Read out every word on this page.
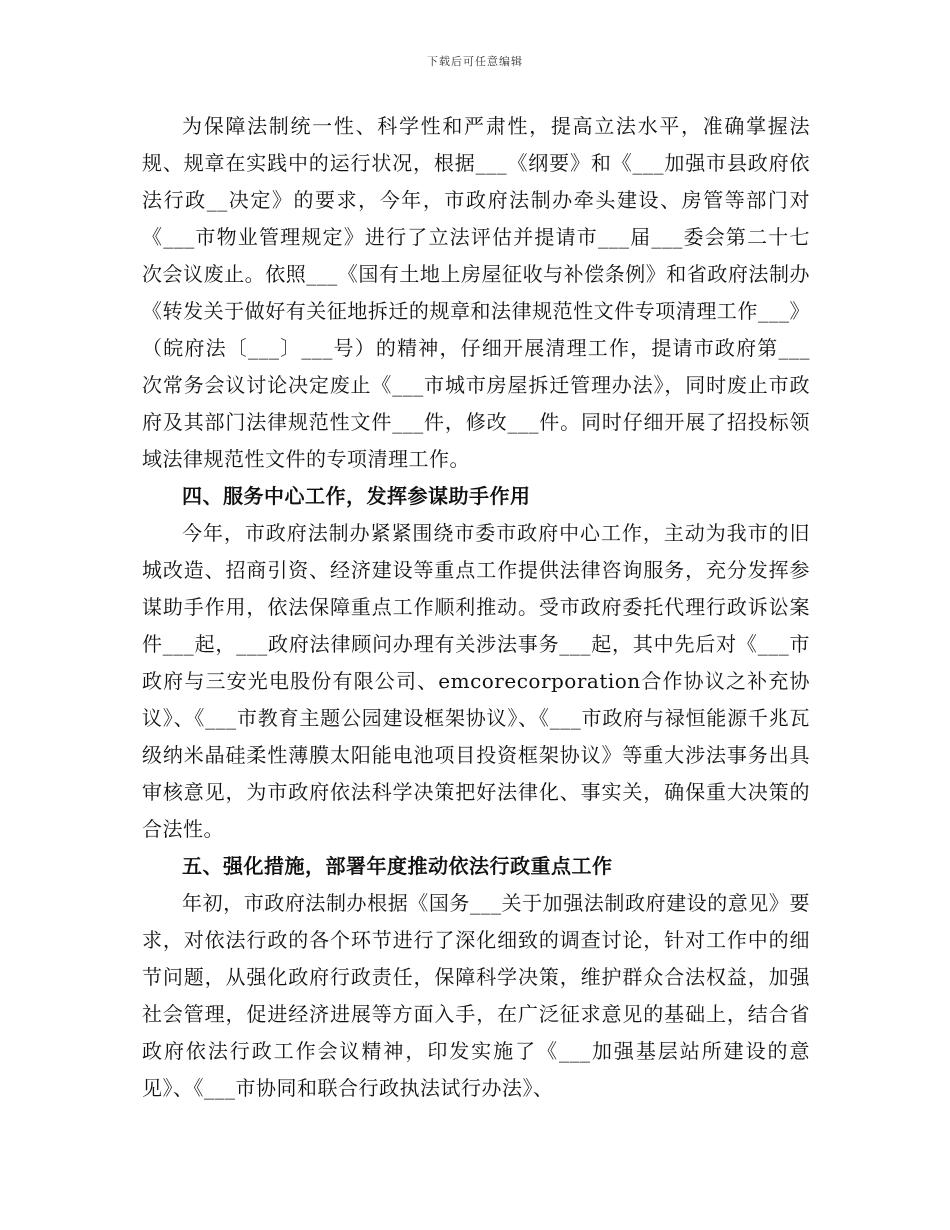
下载后可任意编辑

为保障法制统一性、科学性和严肃性，提高立法水平，准确掌握法规、规章在实践中的运行状况，根据___《纲要》和《___加强市县政府依法行政__决定》的要求，今年，市政府法制办牵头建设、房管等部门对《___市物业管理规定》进行了立法评估并提请市___届___委会第二十七次会议废止。依照___《国有土地上房屋征收与补偿条例》和省政府法制办《转发关于做好有关征地拆迁的规章和法律规范性文件专项清理工作___》（皖府法〔___〕___号）的精神，仔细开展清理工作，提请市政府第___次常务会议讨论决定废止《___市城市房屋拆迁管理办法》，同时废止市政府及其部门法律规范性文件___件，修改___件。同时仔细开展了招投标领域法律规范性文件的专项清理工作。

四、服务中心工作，发挥参谋助手作用

今年，市政府法制办紧紧围绕市委市政府中心工作，主动为我市的旧城改造、招商引资、经济建设等重点工作提供法律咨询服务，充分发挥参谋助手作用，依法保障重点工作顺利推动。受市政府委托代理行政诉讼案件___起，___政府法律顾问办理有关涉法事务___起，其中先后对《___市政府与三安光电股份有限公司、emcorecorporation合作协议之补充协议》、《___市教育主题公园建设框架协议》、《___市政府与禄恒能源千兆瓦级纳米晶硅柔性薄膜太阳能电池项目投资框架协议》等重大涉法事务出具审核意见，为市政府依法科学决策把好法律化、事实关，确保重大决策的合法性。

五、强化措施，部署年度推动依法行政重点工作

年初，市政府法制办根据《国务___关于加强法制政府建设的意见》要求，对依法行政的各个环节进行了深化细致的调查讨论，针对工作中的细节问题，从强化政府行政责任，保障科学决策，维护群众合法权益，加强社会管理，促进经济进展等方面入手，在广泛征求意见的基础上，结合省政府依法行政工作会议精神，印发实施了《___加强基层站所建设的意见》、《___市协同和联合行政执法试行办法》、
